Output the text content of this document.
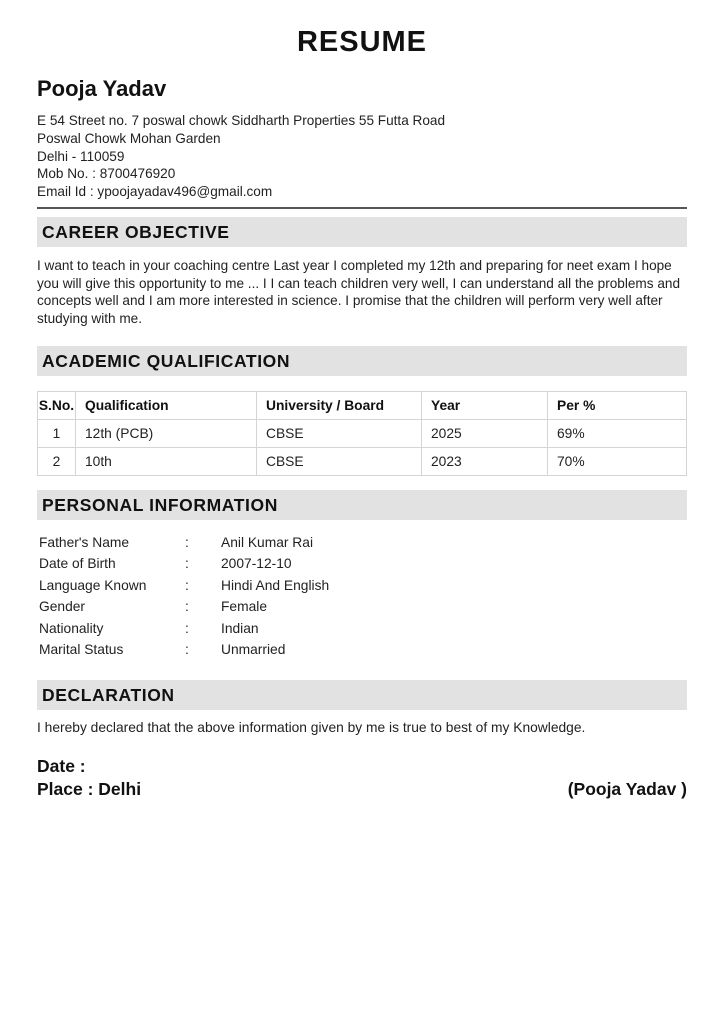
RESUME
Pooja Yadav
E 54 Street no. 7 poswal chowk Siddharth Properties 55 Futta Road
Poswal Chowk Mohan Garden
Delhi - 110059
Mob No. : 8700476920
Email Id : ypoojayadav496@gmail.com
CAREER OBJECTIVE
I want to teach in your coaching centre Last year I completed my 12th and preparing for neet exam I hope you will give this opportunity to me ... I I can teach children very well, I can understand all the problems and concepts well and I am more interested in science. I promise that the children will perform very well after studying with me.
ACADEMIC QUALIFICATION
S.No.	Qualification	University / Board	Year	Per %
1	12th (PCB)	CBSE	2025	69%
2	10th	CBSE	2023	70%
PERSONAL INFORMATION
Father's Name	:	Anil Kumar Rai
Date of Birth	:	2007-12-10
Language Known	:	Hindi And English
Gender	:	Female
Nationality	:	Indian
Marital Status	:	Unmarried
DECLARATION
I hereby declared that the above information given by me is true to best of my Knowledge.
Date :
Place : Delhi	(Pooja Yadav )
